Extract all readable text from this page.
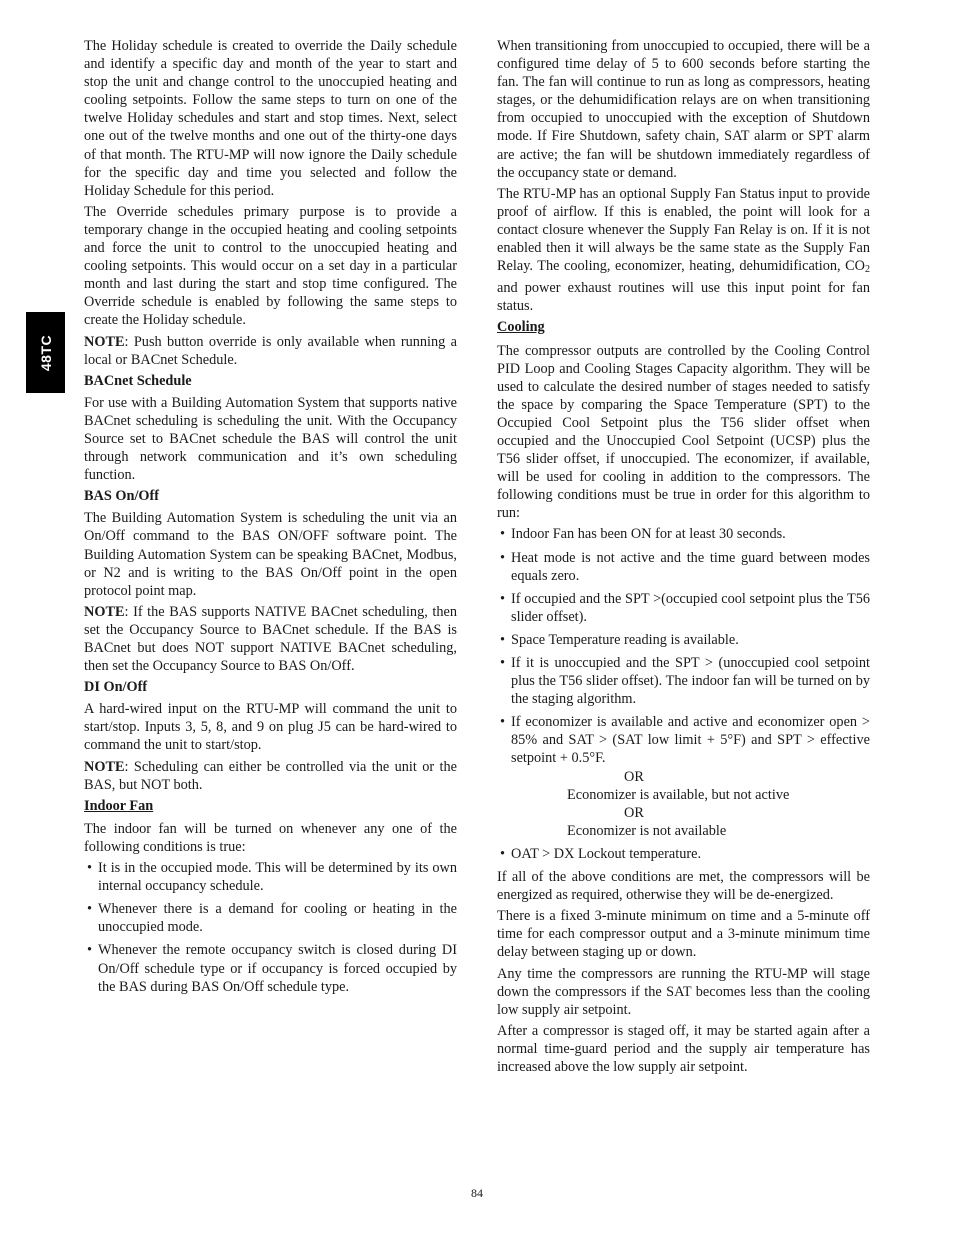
48TC

The Holiday schedule is created to override the Daily schedule and identify a specific day and month of the year to start and stop the unit and change control to the unoccupied heating and cooling setpoints. Follow the same steps to turn on one of the twelve Holiday schedules and start and stop times. Next, select one out of the twelve months and one out of the thirty-one days of that month. The RTU-MP will now ignore the Daily schedule for the specific day and time you selected and follow the Holiday Schedule for this period.

The Override schedules primary purpose is to provide a temporary change in the occupied heating and cooling setpoints and force the unit to control to the unoccupied heating and cooling setpoints. This would occur on a set day in a particular month and last during the start and stop time configured. The Override schedule is enabled by following the same steps to create the Holiday schedule.

NOTE: Push button override is only available when running a local or BACnet Schedule.

BACnet Schedule

For use with a Building Automation System that supports native BACnet scheduling is scheduling the unit. With the Occupancy Source set to BACnet schedule the BAS will control the unit through network communication and it’s own scheduling function.

BAS On/Off

The Building Automation System is scheduling the unit via an On/Off command to the BAS ON/OFF software point. The Building Automation System can be speaking BACnet, Modbus, or N2 and is writing to the BAS On/Off point in the open protocol point map.

NOTE: If the BAS supports NATIVE BACnet scheduling, then set the Occupancy Source to BACnet schedule. If the BAS is BACnet but does NOT support NATIVE BACnet scheduling, then set the Occupancy Source to BAS On/Off.

DI On/Off

A hard-wired input on the RTU-MP will command the unit to start/stop. Inputs 3, 5, 8, and 9 on plug J5 can be hard-wired to command the unit to start/stop.

NOTE: Scheduling can either be controlled via the unit or the BAS, but NOT both.

Indoor Fan

The indoor fan will be turned on whenever any one of the following conditions is true:

• It is in the occupied mode. This will be determined by its own internal occupancy schedule.
• Whenever there is a demand for cooling or heating in the unoccupied mode.
• Whenever the remote occupancy switch is closed during DI On/Off schedule type or if occupancy is forced occupied by the BAS during BAS On/Off schedule type.

When transitioning from unoccupied to occupied, there will be a configured time delay of 5 to 600 seconds before starting the fan. The fan will continue to run as long as compressors, heating stages, or the dehumidification relays are on when transitioning from occupied to unoccupied with the exception of Shutdown mode. If Fire Shutdown, safety chain, SAT alarm or SPT alarm are active; the fan will be shutdown immediately regardless of the occupancy state or demand.

The RTU-MP has an optional Supply Fan Status input to provide proof of airflow. If this is enabled, the point will look for a contact closure whenever the Supply Fan Relay is on. If it is not enabled then it will always be the same state as the Supply Fan Relay. The cooling, economizer, heating, dehumidification, $CO_2$ and power exhaust routines will use this input point for fan status.

Cooling

The compressor outputs are controlled by the Cooling Control PID Loop and Cooling Stages Capacity algorithm. They will be used to calculate the desired number of stages needed to satisfy the space by comparing the Space Temperature (SPT) to the Occupied Cool Setpoint plus the T56 slider offset when occupied and the Unoccupied Cool Setpoint (UCSP) plus the T56 slider offset, if unoccupied. The economizer, if available, will be used for cooling in addition to the compressors. The following conditions must be true in order for this algorithm to run:

• Indoor Fan has been ON for at least 30 seconds.
• Heat mode is not active and the time guard between modes equals zero.
• If occupied and the SPT >(occupied cool setpoint plus the T56 slider offset).
• Space Temperature reading is available.
• If it is unoccupied and the SPT > (unoccupied cool setpoint plus the T56 slider offset). The indoor fan will be turned on by the staging algorithm.
• If economizer is available and active and economizer open > 85% and SAT > (SAT low limit + 5°F) and SPT > effective setpoint + 0.5°F.
OR
Economizer is available, but not active
OR
Economizer is not available
• OAT > DX Lockout temperature.

If all of the above conditions are met, the compressors will be energized as required, otherwise they will be de-energized.

There is a fixed 3-minute minimum on time and a 5-minute off time for each compressor output and a 3-minute minimum time delay between staging up or down.

Any time the compressors are running the RTU-MP will stage down the compressors if the SAT becomes less than the cooling low supply air setpoint.

After a compressor is staged off, it may be started again after a normal time-guard period and the supply air temperature has increased above the low supply air setpoint.

84
